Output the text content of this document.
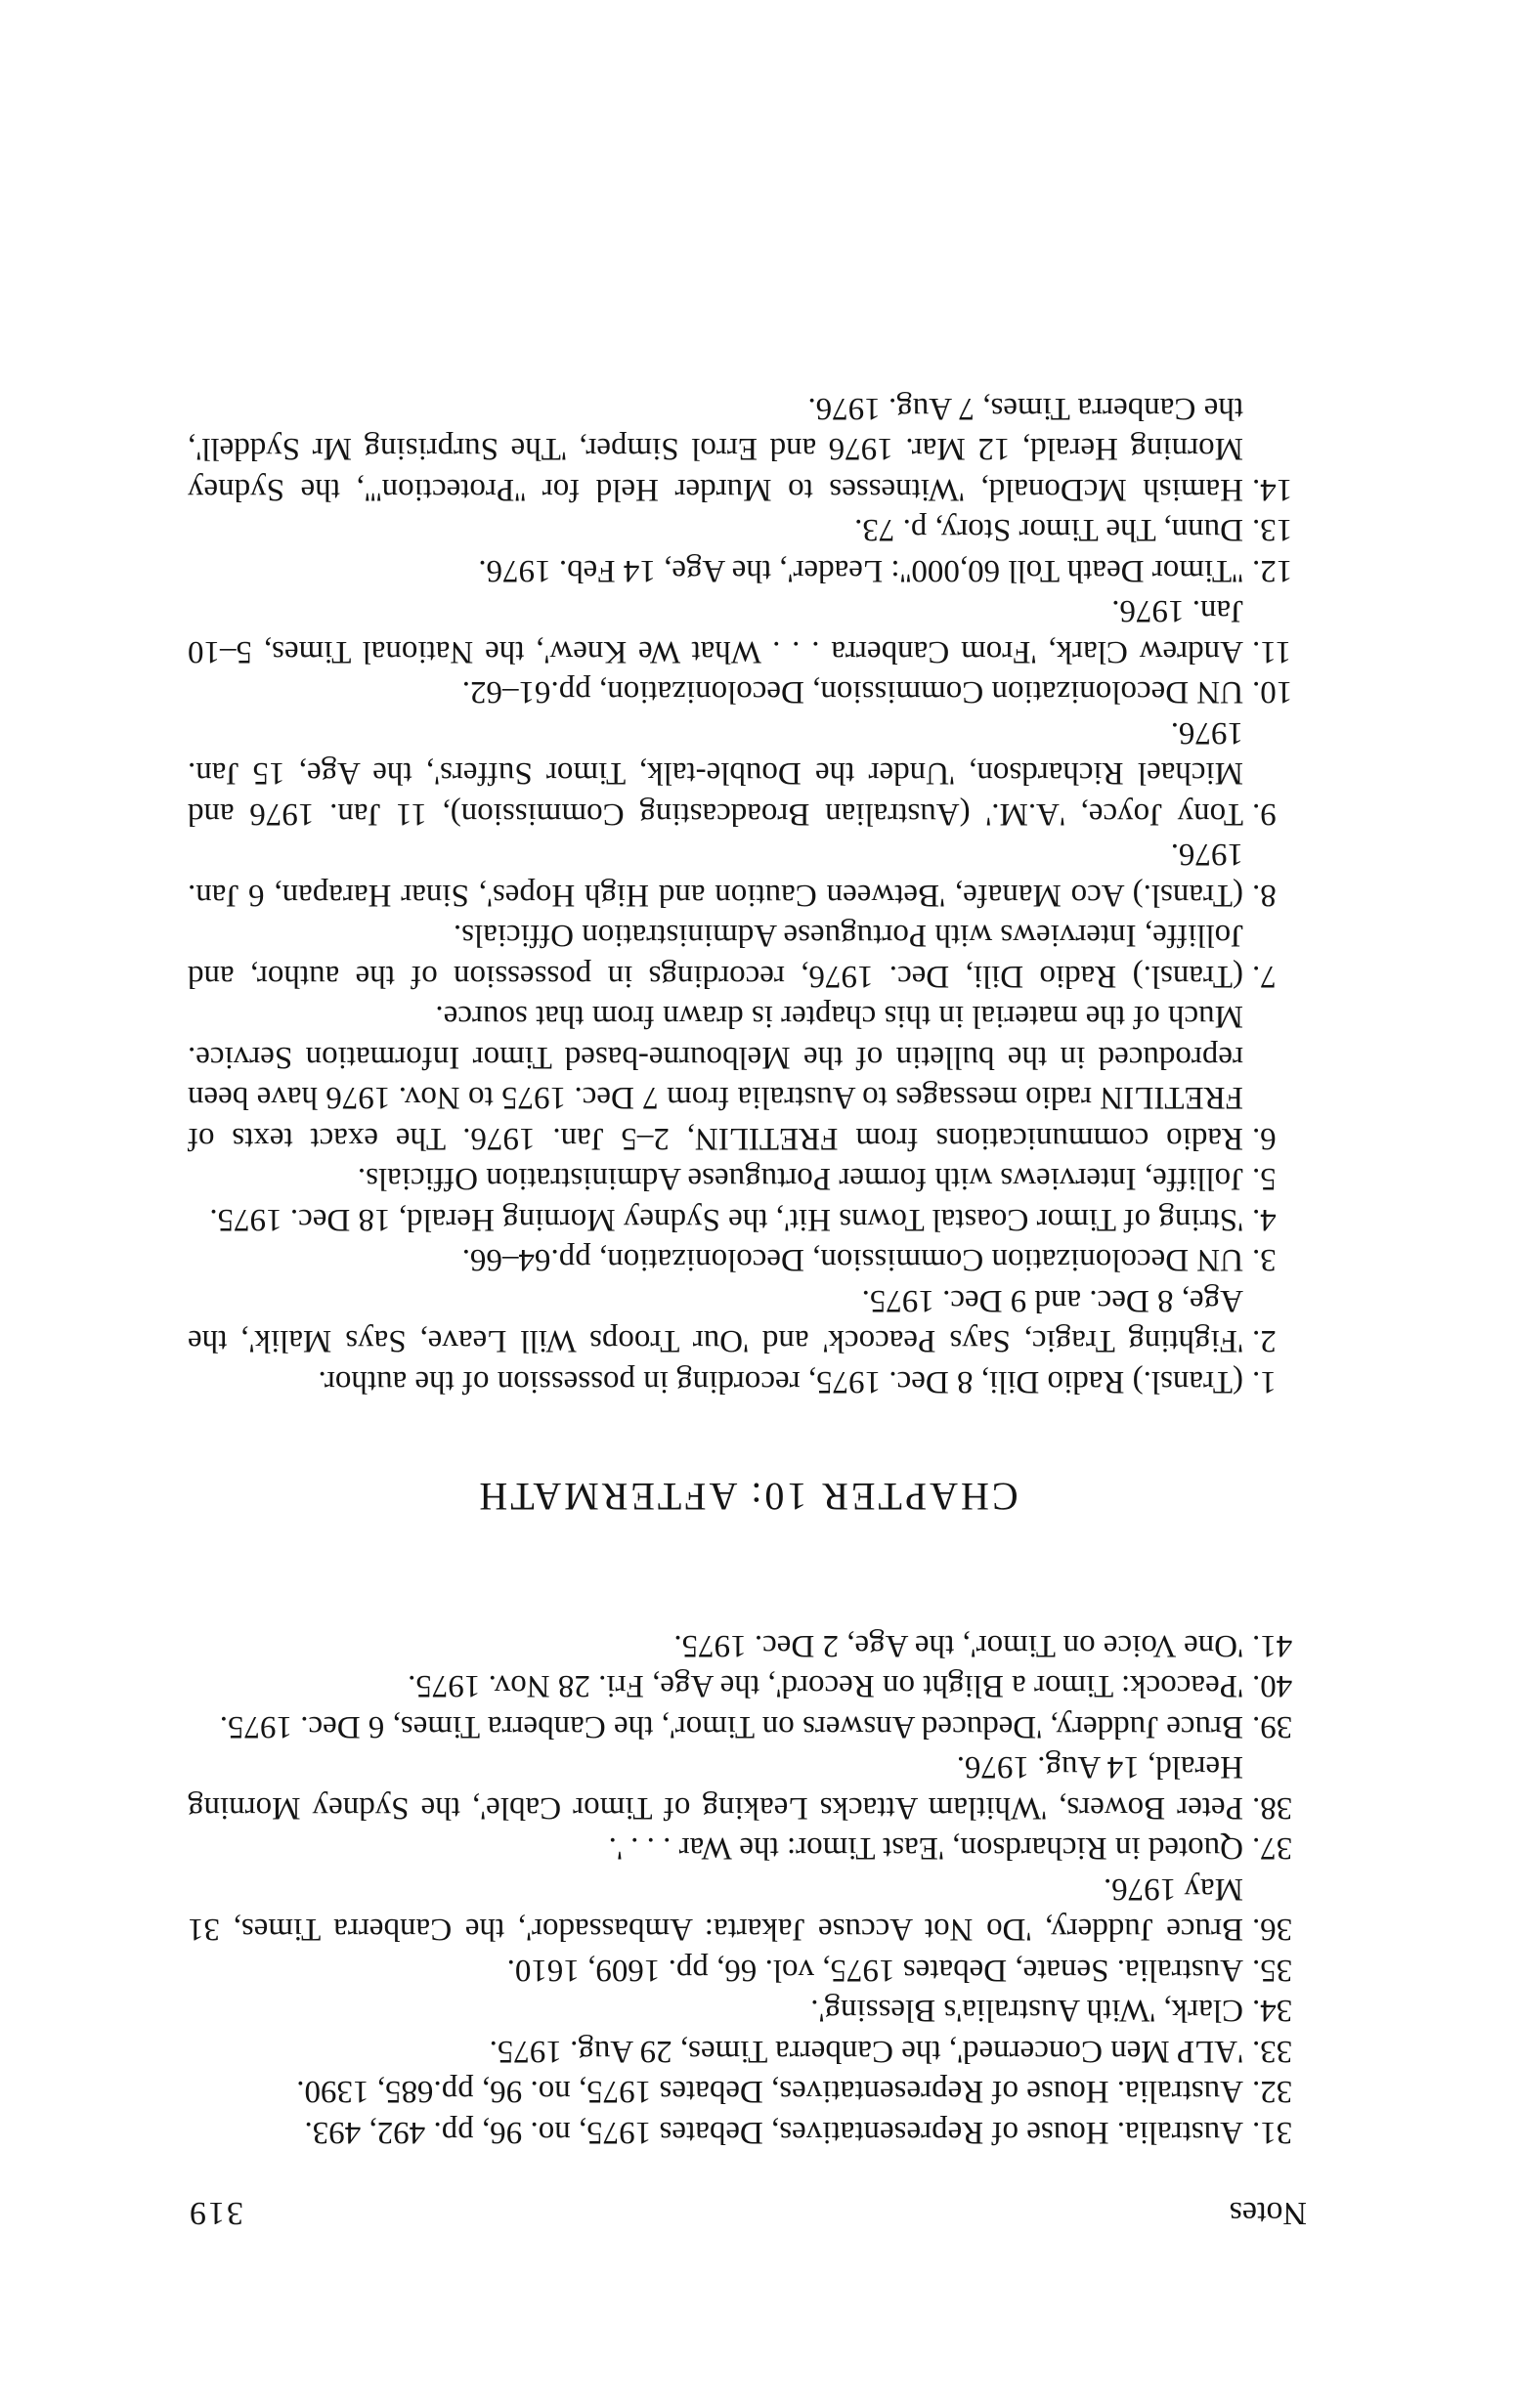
Notes
319

31.
Australia. House of Representatives, Debates 1975, no. 96, pp. 492, 493.

32.
Australia. House of Representatives, Debates 1975, no. 96, pp.685, 1390.

33.
'ALP Men Concerned', the Canberra Times, 29 Aug. 1975.

34.
Clark, 'With Australia's Blessing'.

35.
Australia. Senate, Debates 1975, vol. 66, pp. 1609, 1610.

36.
Bruce Juddery, 'Do Not Accuse Jakarta: Ambassador', the Canberra Times, 31 May 1976.

37.
Quoted in Richardson, 'East Timor: the War . . . '.

38.
Peter Bowers, 'Whitlam Attacks Leaking of Timor Cable', the Sydney Morning Herald, 14 Aug. 1976.

39.
Bruce Juddery, 'Deduced Answers on Timor', the Canberra Times, 6 Dec. 1975.

40.
'Peacock: Timor a Blight on Record', the Age, Fri. 28 Nov. 1975.

41.
'One Voice on Timor', the Age, 2 Dec. 1975.

CHAPTER 10: AFTERMATH

1.
(Transl.) Radio Dili, 8 Dec. 1975, recording in possession of the author.

2.
'Fighting Tragic, Says Peacock' and 'Our Troops Will Leave, Says Malik', the Age, 8 Dec. and 9 Dec. 1975.

3.
UN Decolonization Commission, Decolonization, pp.64–66.

4.
'String of Timor Coastal Towns Hit', the Sydney Morning Herald, 18 Dec. 1975.

5.
Jolliffe, Interviews with former Portuguese Administration Officials.

6.
Radio communications from FRETILIN, 2–5 Jan. 1976. The exact texts of FRETILIN radio messages to Australia from 7 Dec. 1975 to Nov. 1976 have been reproduced in the bulletin of the Melbourne-based Timor Information Service. Much of the material in this chapter is drawn from that source.

7.
(Transl.) Radio Dili, Dec. 1976, recordings in possession of the author, and Jolliffe, Interviews with Portuguese Administration Officials.

8.
(Transl.) Aco Manafe, 'Between Caution and High Hopes', Sinar Harapan, 6 Jan. 1976.

9.
Tony Joyce, 'A.M.' (Australian Broadcasting Commission), 11 Jan. 1976 and Michael Richardson, 'Under the Double-talk, Timor Suffers', the Age, 15 Jan. 1976.

10.
UN Decolonization Commission, Decolonization, pp.61–62.

11.
Andrew Clark, 'From Canberra . . . What We Knew', the National Times, 5–10 Jan. 1976.

12.
''Timor Death Toll 60,000'': Leader', the Age, 14 Feb. 1976.

13.
Dunn, The Timor Story, p. 73.

14.
Hamish McDonald, 'Witnesses to Murder Held for ''Protection''', the Sydney Morning Herald, 12 Mar. 1976 and Errol Simper, 'The Surprising Mr Syddell', the Canberra Times, 7 Aug. 1976.
